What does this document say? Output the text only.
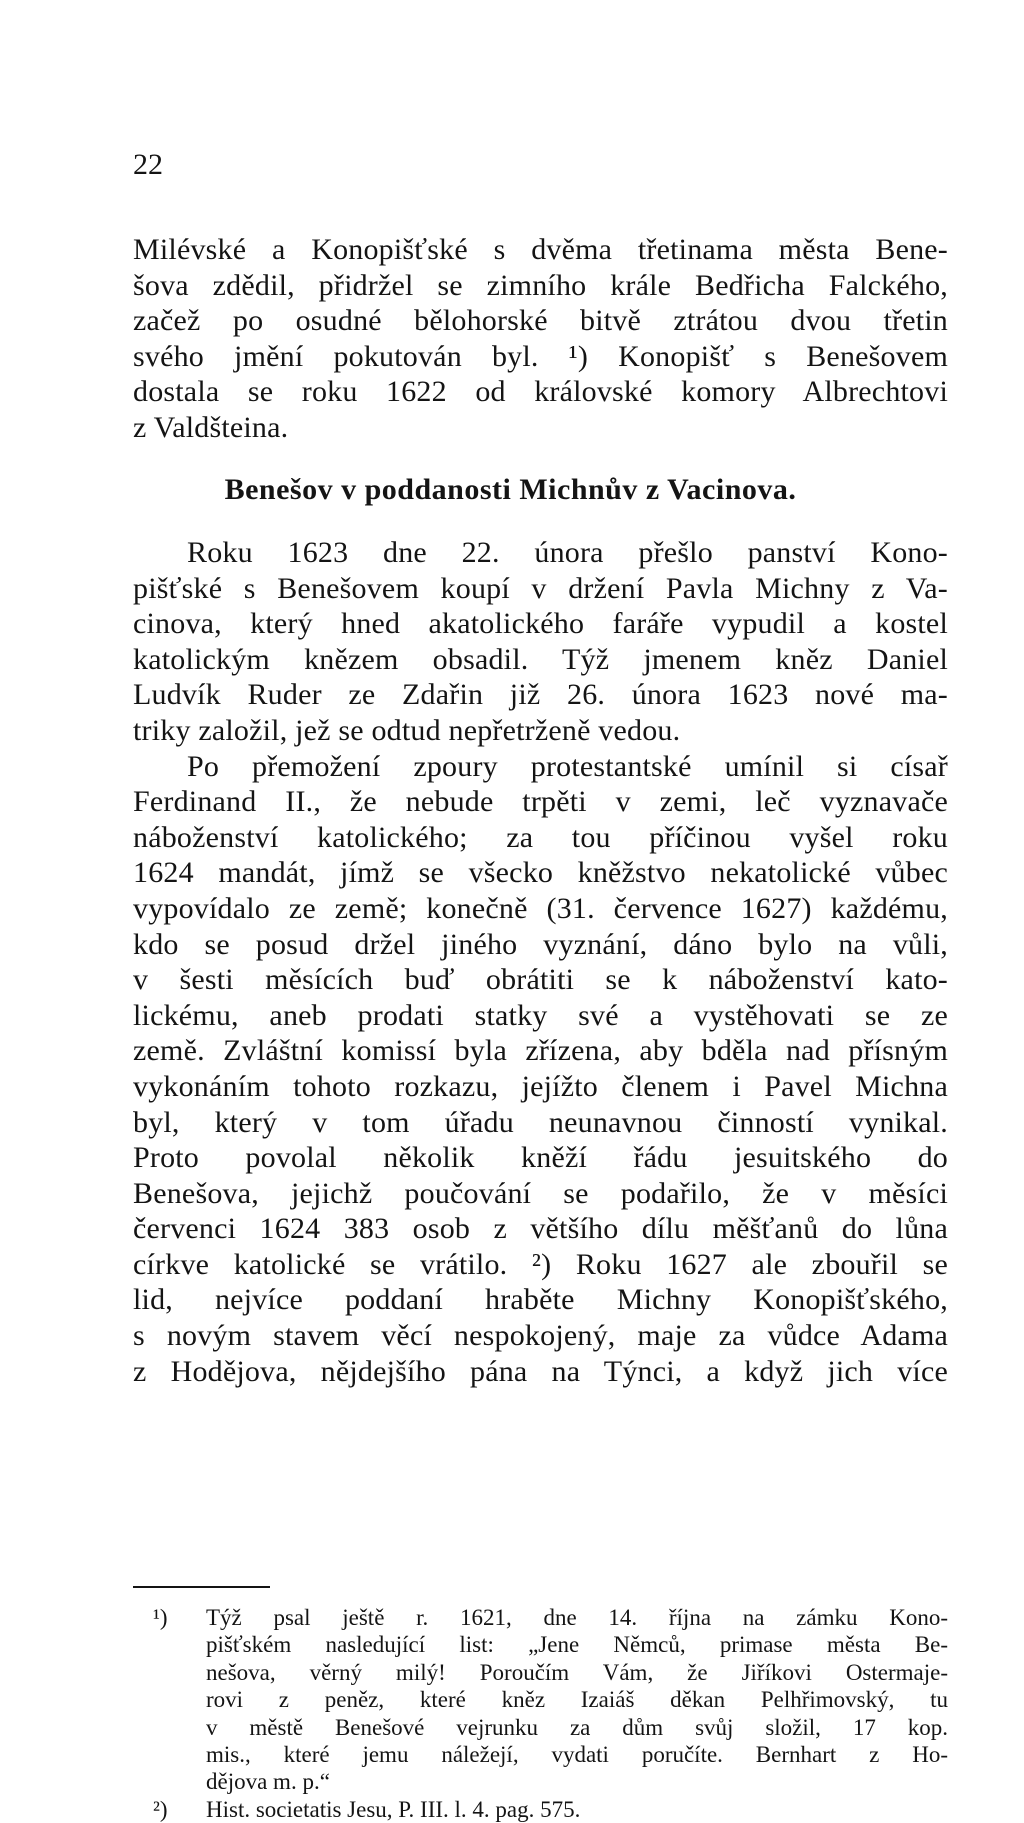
22
Milévské a Konopišťské s dvěma třetinama města Bene-
šova zdědil, přidržel se zimního krále Bedřicha Falckého,
začež po osudné bělohorské bitvě ztrátou dvou třetin
svého jmění pokutován byl. ¹) Konopišť s Benešovem
dostala se roku 1622 od královské komory Albrechtovi
z Valdšteina.
Benešov v poddanosti Michnův z Vacinova.
Roku 1623 dne 22. února přešlo panství Kono-
pišťské s Benešovem koupí v držení Pavla Michny z Va-
cinova, který hned akatolického faráře vypudil a kostel
katolickým knězem obsadil. Týž jmenem kněz Daniel
Ludvík Ruder ze Zdařin již 26. února 1623 nové ma-
triky založil, jež se odtud nepřetrženě vedou.
Po přemožení zpoury protestantské umínil si císař
Ferdinand II., že nebude trpěti v zemi, leč vyznavače
náboženství katolického; za tou příčinou vyšel roku
1624 mandát, jímž se všecko kněžstvo nekatolické vůbec
vypovídalo ze země; konečně (31. července 1627) každému,
kdo se posud držel jiného vyznání, dáno bylo na vůli,
v šesti měsících buď obrátiti se k náboženství kato-
lickému, aneb prodati statky své a vystěhovati se ze
země. Zvláštní komissí byla zřízena, aby bděla nad přísným
vykonáním tohoto rozkazu, jejížto členem i Pavel Michna
byl, který v tom úřadu neunavnou činností vynikal.
Proto povolal několik kněží řádu jesuitského do
Benešova, jejichž poučování se podařilo, že v měsíci
červenci 1624 383 osob z většího dílu měšťanů do lůna
církve katolické se vrátilo. ²) Roku 1627 ale zbouřil se
lid, nejvíce poddaní hraběte Michny Konopišťského,
s novým stavem věcí nespokojený, maje za vůdce Adama
z Hodějova, nějdejšího pána na Týnci, a když jich více
¹)	Týž psal ještě r. 1621, dne 14. října na zámku Kono-
pišťském nasledující list: „Jene Němců, primase města Be-
nešova, věrný milý! Poroučím Vám, že Jiříkovi Ostermaje-
rovi z peněz, které kněz Izaiáš děkan Pelhřimovský, tu
v městě Benešové vejrunku za dům svůj složil, 17 kop.
mis., které jemu náležejí, vydati poručíte. Bernhart z Ho-
dějova m. p.“
²) Hist. societatis Jesu, P. III. l. 4. pag. 575.
